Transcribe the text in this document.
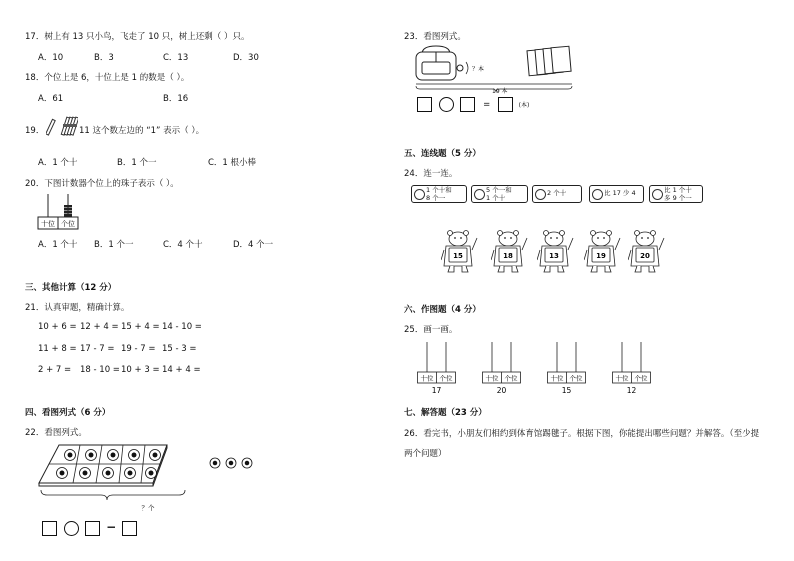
17．树上有 13 只小鸟，飞走了 10 只，树上还剩（ ）只。
A．10	B．3	C．13	D．30
18．个位上是 6，十位上是 1 的数是（ ）。
A．61	B．16
19．	11 这个数左边的 “1” 表示（ ）。
A．1 个十	B．1 个一	C．1 根小棒
20．下图计数器个位上的珠子表示（ ）。
十位 个位
A．1 个十 B．1 个一	C．4 个十	D．4 个一
三、其他计算（12 分）
21．认真审题，精确计算。
10 + 6 = 12 + 4 = 15 + 4 = 14 - 10 =
11 + 8 = 17 - 7 = 19 - 7 = 15 - 3 =
2 + 7 = 18 - 10 = 10 + 3 = 14 + 4 =
四、看图列式（6 分）
22．看图列式。
？个
−
23．看图列式。
？本
19 本
=	(本)
五、连线题（5 分）
24．连一连。
1 个十和
8 个一
5 个一和
1 个十
2 个十	比 17 少 4	比 1 个十
多 9 个一
15	18	13	19	20
六、作图题（4 分）
25．画一画。
十位 个位
17
十位 个位
20
十位 个位
15
十位 个位
12
七、解答题（23 分）
26．看完书，小朋友们相约到体育馆踢毽子。根据下图，你能提出哪些问题？并解答。（至少提
两个问题）
